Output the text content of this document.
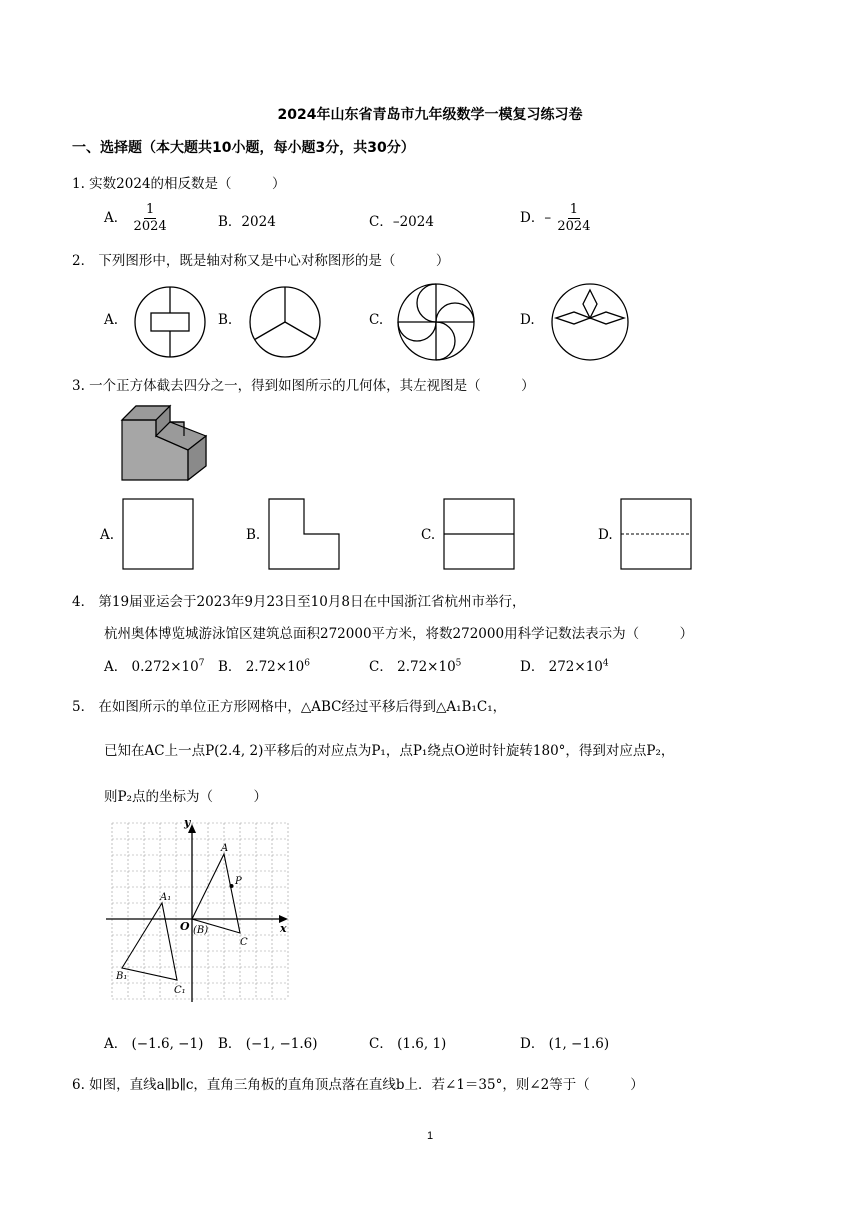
2024年山东省青岛市九年级数学一模复习练习卷
一、选择题（本大题共10小题，每小题3分，共30分）
1. 实数2024的相反数是（　　　）
A． $\frac{1}{2024}$	B．2024	C．–2024	D．– $\frac{1}{2024}$
2． 下列图形中，既是轴对称又是中心对称图形的是（　　　）
A.	B.	C.	D.
3. 一个正方体截去四分之一，得到如图所示的几何体，其左视图是（　　　）
A.	B.	C.	D.
4． 第19届亚运会于2023年9月23日至10月8日在中国浙江省杭州市举行，
杭州奥体博览城游泳馆区建筑总面积272000平方米，将数272000用科学记数法表示为（　　　）
A． $0.272\times 10^7$ B． $2.72\times 10^6$	C． $2.72\times 10^5$	D． $272\times 10^4$
5． 在如图所示的单位正方形网格中，△ABC经过平移后得到△A₁B₁C₁，
已知在AC上一点P(2.4, 2)平移后的对应点为P₁，点P₁绕点O逆时针旋转180°，得到对应点P₂，
则P₂点的坐标为（　　　）
y
x
O (B)
A
P
C
A₁
B₁
C₁
A． (−1.6, −1) B． (−1, −1.6)	C． (1.6, 1)	D． (1, −1.6)
6. 如图，直线a∥b∥c，直角三角板的直角顶点落在直线b上．若∠1＝35°，则∠2等于（　　　）
1
